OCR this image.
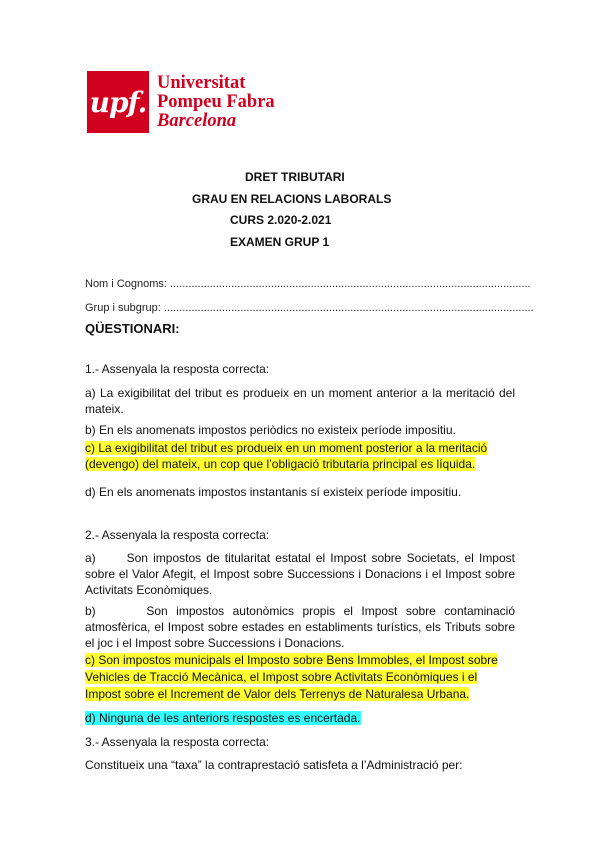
upf.
Universitat
Pompeu Fabra
Barcelona
DRET TRIBUTARI
GRAU EN RELACIONS LABORALS
CURS 2.020-2.021
EXAMEN GRUP 1
Nom i Cognoms: ......................................................................................................................
Grup i subgrup: .........................................................................................................................
QÜESTIONARI:
1.- Assenyala la resposta correcta:
a) La exigibilitat del tribut es produeix en un moment anterior a la meritació del mateix.
b) En els anomenats impostos periòdics no existeix període impositiu.
c) La exigibilitat del tribut es produeix en un moment posterior a la meritació (devengo) del mateix, un cop que l’obligació tributaria principal es líquida.
d) En els anomenats impostos instantanis sí existeix període impositiu.
2.- Assenyala la resposta correcta:
a)      Son impostos de titularitat estatal el Impost sobre Societats, el Impost sobre el Valor Afegit, el Impost sobre Successions i Donacions i el Impost sobre Activitats Econòmiques.
b)      Son impostos autonòmics propis el Impost sobre contaminació atmosfèrica, el Impost sobre estades en establiments turístics, els Tributs sobre el joc i el Impost sobre Successions i Donacions.
c) Son impostos municipals el Imposto sobre Bens Immobles, el Impost sobre Vehicles de Tracció Mecànica, el Impost sobre Activitats Econòmiques i el Impost sobre el Increment de Valor dels Terrenys de Naturalesa Urbana.
d) Ninguna de les anteriors respostes es encertada.
3.- Assenyala la resposta correcta:
Constitueix una “taxa” la contraprestació satisfeta a l’Administració per:
